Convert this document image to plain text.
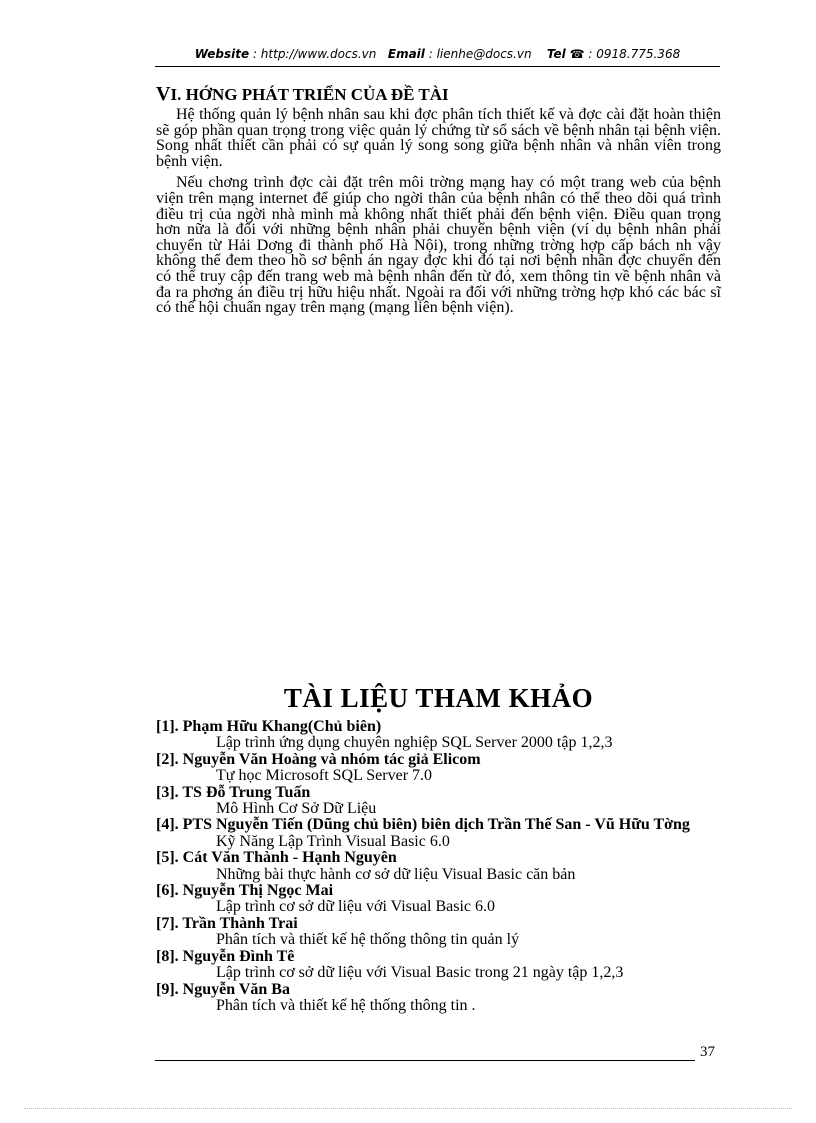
Website : http://www.docs.vn Email : lienhe@docs.vn Tel ☎ : 0918.775.368
VI. HỚNG PHÁT TRIỂN CỦA ĐỀ TÀI

Hệ thống quản lý bệnh nhân sau khi đợc phân tích thiết kế và đợc cài đặt hoàn thiện sẽ góp phần quan trọng trong việc quản lý chứng từ sổ sách về bệnh nhân tại bệnh viện. Song nhất thiết cần phải có sự quản lý song song giữa bệnh nhân và nhân viên trong bệnh viện.

Nếu chơng trình đợc cài đặt trên môi trờng mạng hay có một trang web của bệnh viện trên mạng internet để giúp cho ngời thân của bệnh nhân có thể theo dõi quá trình điều trị của ngời nhà mình mà không nhất thiết phải đến bệnh viện. Điều quan trọng hơn nữa là đối với những bệnh nhân phải chuyển bệnh viện (ví dụ bệnh nhân phải chuyển từ Hải Dơng đi thành phố Hà Nội), trong những trờng hợp cấp bách nh vậy không thể đem theo hồ sơ bệnh án ngay đợc khi đó tại nơi bệnh nhân đợc chuyển đến có thể truy cập đến trang web mà bệnh nhân đến từ đó, xem thông tin về bệnh nhân và đa ra phơng án điều trị hữu hiệu nhất. Ngoài ra đối với những trờng hợp khó các bác sĩ có thể hội chuẩn ngay trên mạng (mạng liên bệnh viện).

TÀI LIỆU THAM KHẢO
[1]. Phạm Hữu Khang(Chủ biên)
Lập trình ứng dụng chuyên nghiệp SQL Server 2000 tập 1,2,3
[2]. Nguyễn Văn Hoàng và nhóm tác giả Elicom
Tự học Microsoft SQL Server 7.0
[3]. TS Đỗ Trung Tuấn
Mô Hình Cơ Sở Dữ Liệu
[4]. PTS Nguyễn Tiến (Dũng chủ biên) biên dịch Trần Thế San - Vũ Hữu Tờng
Kỹ Năng Lập Trình Visual Basic 6.0
[5]. Cát Văn Thành - Hạnh Nguyên
Những bài thực hành cơ sở dữ liệu Visual Basic căn bản
[6]. Nguyễn Thị Ngọc Mai
Lập trình cơ sở dữ liệu với Visual Basic 6.0
[7]. Trần Thành Trai
Phân tích và thiết kế hệ thống thông tin quản lý
[8]. Nguyễn Đình Tê
Lập trình cơ sở dữ liệu với Visual Basic trong 21 ngày tập 1,2,3
[9]. Nguyễn Văn Ba
Phân tích và thiết kế hệ thống thông tin .
37
